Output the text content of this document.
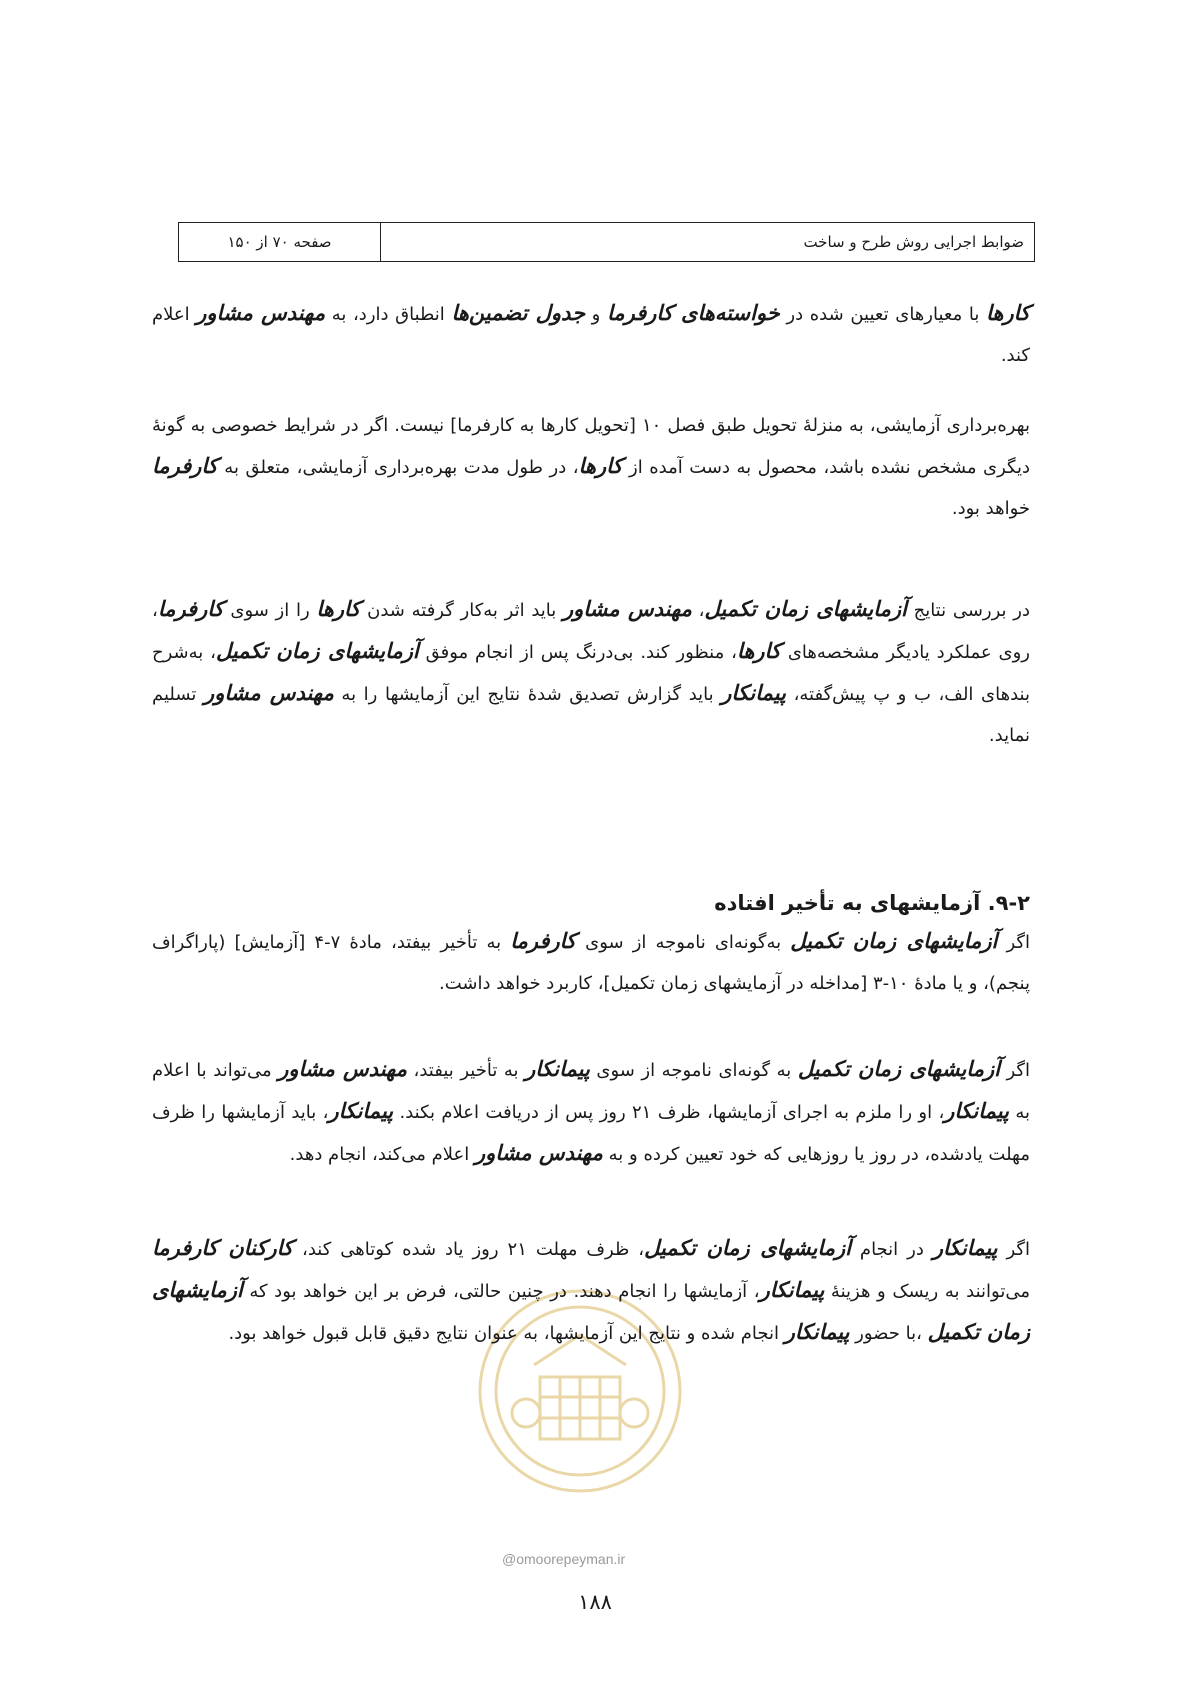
صفحه ۷۰ از ۱۵۰	ضوابط اجرایی روش طرح و ساخت
کارها با معیارهای تعیین شده در خواسته‌های کارفرما و جدول تضمین‌ها انطباق دارد، به مهندس مشاور اعلام کند.
بهره‌برداری آزمایشی، به منزلهٔ تحویل طبق فصل ۱۰ [تحویل کارها به کارفرما] نیست. اگر در شرایط خصوصی به گونهٔ دیگری مشخص نشده باشد، محصول به دست آمده از کارها، در طول مدت بهره‌برداری آزمایشی، متعلق به کارفرما خواهد بود.
در بررسی نتایج آزمایشهای زمان تکمیل، مهندس مشاور باید اثر به‌کار گرفته شدن کارها را از سوی کارفرما، روی عملکرد یادیگر مشخصه‌های کارها، منظور کند. بی‌درنگ پس از انجام موفق آزمایشهای زمان تکمیل، به‌شرح بندهای الف، ب و پ پیش‌گفته، پیمانکار باید گزارش تصدیق شدهٔ نتایج این آزمایشها را به مهندس مشاور تسلیم نماید.
۹-۲. آزمایشهای به تأخیر افتاده
اگر آزمایشهای زمان تکمیل به‌گونه‌ای ناموجه از سوی کارفرما به تأخیر بیفتد، مادهٔ ۷-۴ [آزمایش] (پاراگراف پنجم)، و یا مادهٔ ۱۰-۳ [مداخله در آزمایشهای زمان تکمیل]، کاربرد خواهد داشت.
اگر آزمایشهای زمان تکمیل به گونه‌ای ناموجه از سوی پیمانکار به تأخیر بیفتد، مهندس مشاور می‌تواند با اعلام به پیمانکار، او را ملزم به اجرای آزمایشها، ظرف ۲۱ روز پس از دریافت اعلام بکند. پیمانکار، باید آزمایشها را ظرف مهلت یادشده، در روز یا روزهایی که خود تعیین کرده و به مهندس مشاور اعلام می‌کند، انجام دهد.
@omoorepeyman.ir
اگر پیمانکار در انجام آزمایشهای زمان تکمیل، ظرف مهلت ۲۱ روز یاد شده کوتاهی کند، کارکنان کارفرما می‌توانند به ریسک و هزینهٔ پیمانکار، آزمایشها را انجام دهند. در چنین حالتی، فرض بر این خواهد بود که آزمایشهای زمان تکمیل ،با حضور پیمانکار انجام شده و نتایج این آزمایشها، به عنوان نتایج دقیق قابل قبول خواهد بود.
۱۸۸
